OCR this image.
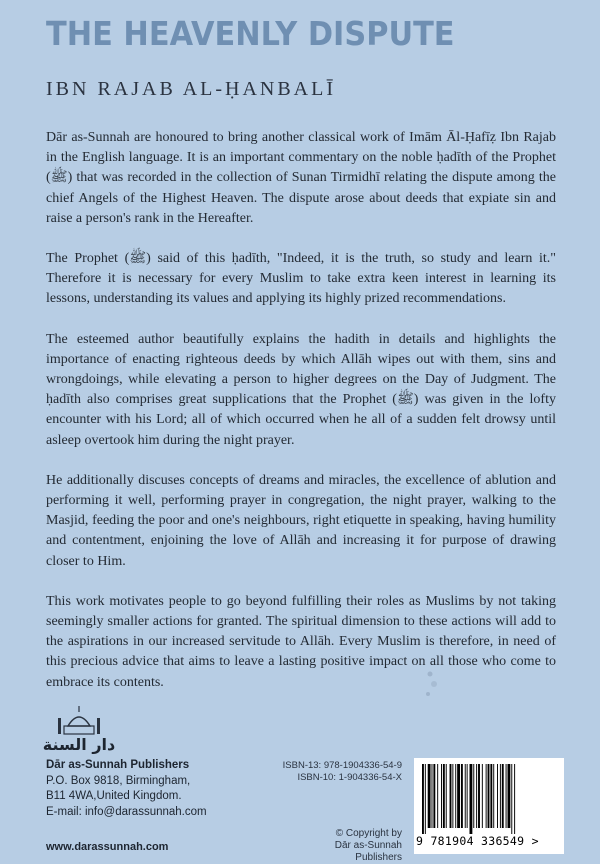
THE HEAVENLY DISPUTE
IBN RAJAB AL-ḤANBALĪ

Dār as-Sunnah are honoured to bring another classical work of Imām Āl-Ḥafīẓ Ibn Rajab in the English language. It is an important commentary on the noble ḥadīth of the Prophet (ﷺ) that was recorded in the collection of Sunan Tirmidhī relating the dispute among the chief Angels of the Highest Heaven. The dispute arose about deeds that expiate sin and raise a person's rank in the Hereafter.

The Prophet (ﷺ) said of this ḥadīth, "Indeed, it is the truth, so study and learn it." Therefore it is necessary for every Muslim to take extra keen interest in learning its lessons, understanding its values and applying its highly prized recommendations.

The esteemed author beautifully explains the hadith in details and highlights the importance of enacting righteous deeds by which Allāh wipes out with them, sins and wrongdoings, while elevating a person to higher degrees on the Day of Judgment. The ḥadīth also comprises great supplications that the Prophet (ﷺ) was given in the lofty encounter with his Lord; all of which occurred when he all of a sudden felt drowsy until asleep overtook him during the night prayer.

He additionally discuses concepts of dreams and miracles, the excellence of ablution and performing it well, performing prayer in congregation, the night prayer, walking to the Masjid, feeding the poor and one's neighbours, right etiquette in speaking, having humility and contentment, enjoining the love of Allāh and increasing it for purpose of drawing closer to Him.

This work motivates people to go beyond fulfilling their roles as Muslims by not taking seemingly smaller actions for granted. The spiritual dimension to these actions will add to the aspirations in our increased servitude to Allāh. Every Muslim is therefore, in need of this precious advice that aims to leave a lasting positive impact on all those who come to embrace its contents.

دار السنة
Dār as-Sunnah Publishers
P.O. Box 9818, Birmingham,
B11 4WA,United Kingdom.
E-mail: info@darassunnah.com
www.darassunnah.com
ISBN-13: 978-1904336-54-9
ISBN-10: 1-904336-54-X
© Copyright by
Dār as-Sunnah Publishers
9 781904 336549 >
